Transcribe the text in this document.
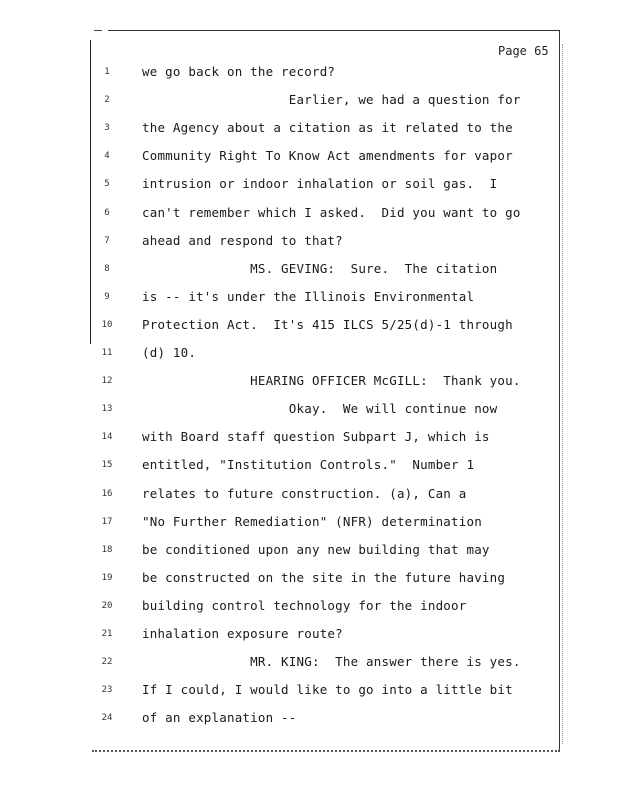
Page 65
1	we go back on the record?
2	Earlier, we had a question for
3	the Agency about a citation as it related to the
4	Community Right To Know Act amendments for vapor
5	intrusion or indoor inhalation or soil gas.  I
6	can't remember which I asked.  Did you want to go
7	ahead and respond to that?
8	MS. GEVING:  Sure.  The citation
9	is -- it's under the Illinois Environmental
10	Protection Act.  It's 415 ILCS 5/25(d)-1 through
11	(d) 10.
12	HEARING OFFICER McGILL:  Thank you.
13	Okay.  We will continue now
14	with Board staff question Subpart J, which is
15	entitled, "Institution Controls."  Number 1
16	relates to future construction. (a), Can a
17	"No Further Remediation" (NFR) determination
18	be conditioned upon any new building that may
19	be constructed on the site in the future having
20	building control technology for the indoor
21	inhalation exposure route?
22	MR. KING:  The answer there is yes.
23	If I could, I would like to go into a little bit
24	of an explanation --
